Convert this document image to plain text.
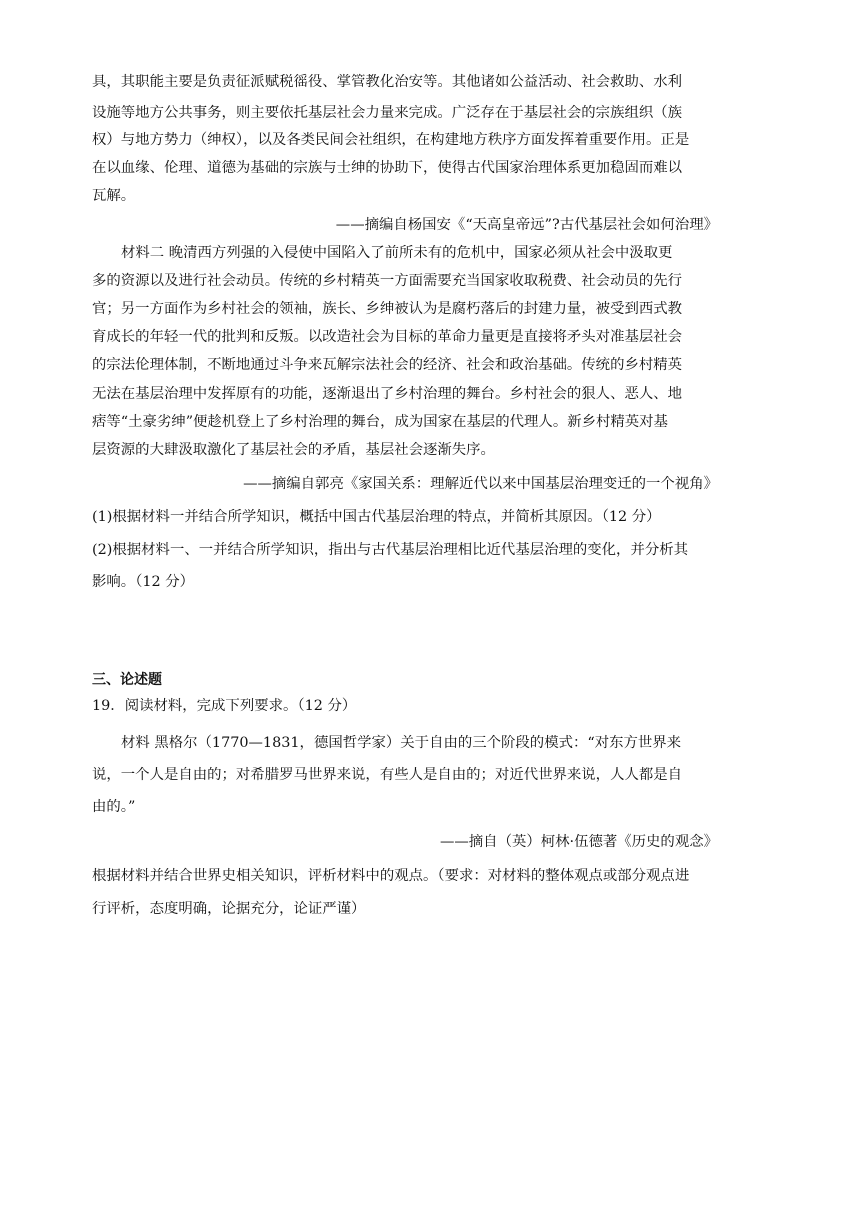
具，其职能主要是负责征派赋税徭役、掌管教化治安等。其他诸如公益活动、社会救助、水利
设施等地方公共事务，则主要依托基层社会力量来完成。广泛存在于基层社会的宗族组织（族
权）与地方势力（绅权），以及各类民间会社组织，在构建地方秩序方面发挥着重要作用。正是
在以血缘、伦理、道德为基础的宗族与士绅的协助下，使得古代国家治理体系更加稳固而难以
瓦解。
——摘编自杨国安《“天高皇帝远”?古代基层社会如何治理》
材料二 晚清西方列强的入侵使中国陷入了前所未有的危机中，国家必须从社会中汲取更
多的资源以及进行社会动员。传统的乡村精英一方面需要充当国家收取税费、社会动员的先行
官；另一方面作为乡村社会的领袖，族长、乡绅被认为是腐朽落后的封建力量，被受到西式教
育成长的年轻一代的批判和反叛。以改造社会为目标的革命力量更是直接将矛头对准基层社会
的宗法伦理体制，不断地通过斗争来瓦解宗法社会的经济、社会和政治基础。传统的乡村精英
无法在基层治理中发挥原有的功能，逐渐退出了乡村治理的舞台。乡村社会的狠人、恶人、地
痞等“土豪劣绅”便趁机登上了乡村治理的舞台，成为国家在基层的代理人。新乡村精英对基
层资源的大肆汲取激化了基层社会的矛盾，基层社会逐渐失序。
——摘编自郭亮《家国关系：理解近代以来中国基层治理变迁的一个视角》
(1)根据材料一并结合所学知识，概括中国古代基层治理的特点，并简析其原因。（12 分）
(2)根据材料一、一并结合所学知识，指出与古代基层治理相比近代基层治理的变化，并分析其
影响。（12 分）
三、论述题
19．阅读材料，完成下列要求。（12 分）
材料 黑格尔（1770—1831，德国哲学家）关于自由的三个阶段的模式：“对东方世界来
说，一个人是自由的；对希腊罗马世界来说，有些人是自由的；对近代世界来说，人人都是自
由的。”
——摘自（英）柯林·伍德著《历史的观念》
根据材料并结合世界史相关知识，评析材料中的观点。（要求：对材料的整体观点或部分观点进
行评析，态度明确，论据充分，论证严谨）
